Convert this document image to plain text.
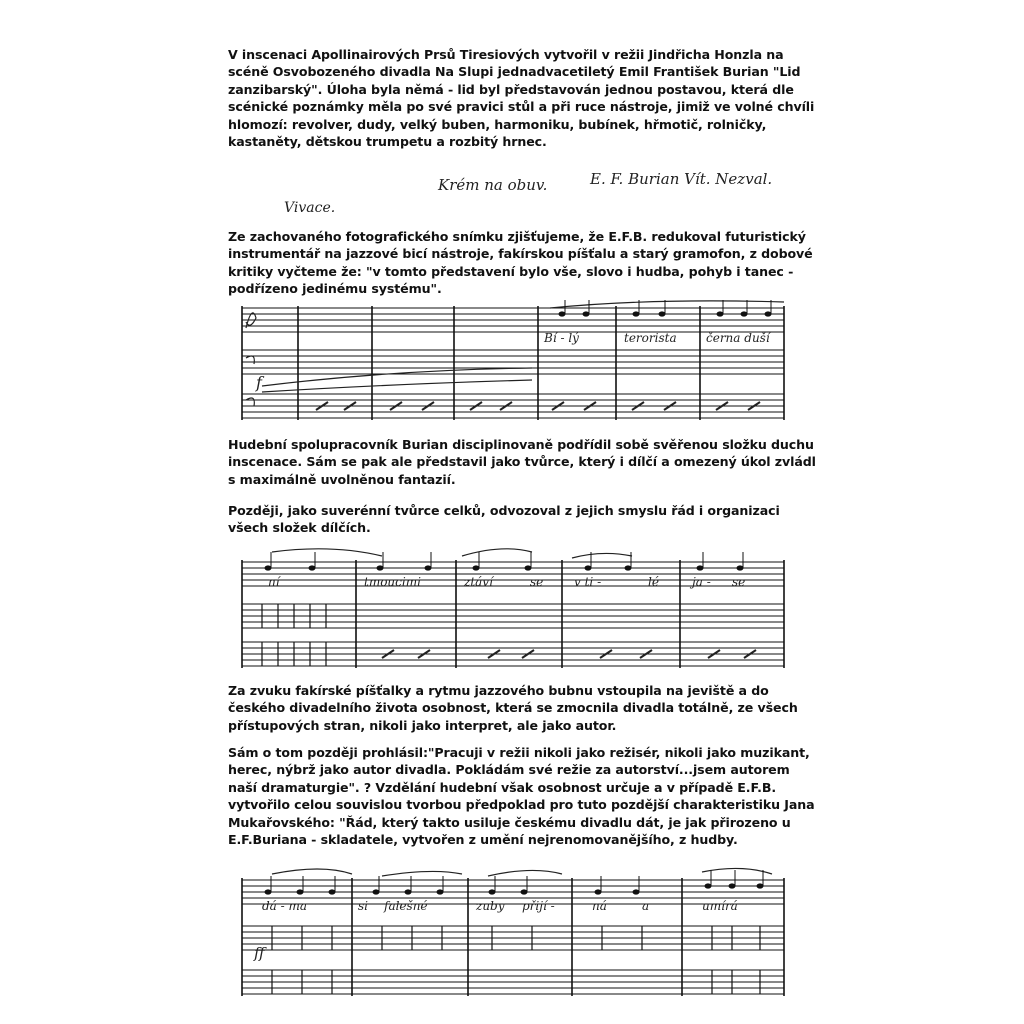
V inscenaci Apollinairových Prsů Tiresiových vytvořil v režii Jindřicha Honzla na
scéně Osvobozeného divadla Na Slupi jednadvacetiletý Emil František Burian "Lid
zanzibarský". Úloha byla němá - lid byl představován jednou postavou, která dle
scénické poznámky měla po své pravici stůl a při ruce nástroje, jimiž ve volné chvíli
hlomozí: revolver, dudy, velký buben, harmoniku, bubínek, hřmotič, rolničky,
kastaněty, dětskou trumpetu a rozbitý hrnec.
Krém na obuv.	E. F. Burian Vít. Nezval.
Vivace.
Ze zachovaného fotografického snímku zjišťujeme, že E.F.B. redukoval futuristický
instrumentář na jazzové bicí nástroje, fakírskou píšťalu a starý gramofon, z dobové
kritiky vyčteme že: "v tomto představení bylo vše, slovo i hudba, pohyb i tanec -
podřízeno jedinému systému".
Bí - lý	terorista černa duší
f
Hudební spolupracovník Burian disciplinovaně podřídil sobě svěřenou složku duchu
inscenace. Sám se pak ale představil jako tvůrce, který i dílčí a omezený úkol zvládl
s maximálně uvolněnou fantazií.
Později, jako suverénní tvůrce celků, odvozoval z jejich smyslu řád i organizaci
všech složek dílčích.
ní	tmoucimi	ztáví	se	v ti -	lé	ja - se
Za zvuku fakírské píšťalky a rytmu jazzového bubnu vstoupila na jeviště a do
českého divadelního života osobnost, která se zmocnila divadla totálně, ze všech
přístupových stran, nikoli jako interpret, ale jako autor.
Sám o tom později prohlásil:"Pracuji v režii nikoli jako režisér, nikoli jako muzikant,
herec, nýbrž jako autor divadla. Pokládám své režie za autorství...jsem autorem
naší dramaturgie". ? Vzdělání hudební však osobnost určuje a v případě E.F.B.
vytvořilo celou souvislou tvorbou předpoklad pro tuto pozdější charakteristiku Jana
Mukařovského: "Řád, který takto usiluje českému divadlu dát, je jak přirozeno u
E.F.Buriana - skladatele, vytvořen z umění nejrenomovanějšího, z hudby.
dá - ma	si falešné	zuby přijí -	ná	a	umírá
ff
